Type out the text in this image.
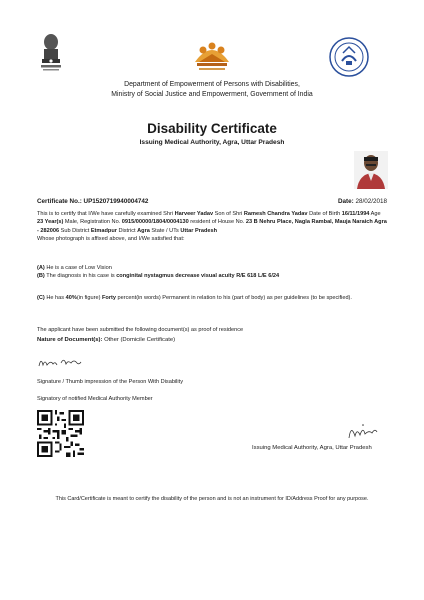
Department of Empowerment of Persons with Disabilities,
Ministry of Social Justice and Empowerment, Government of India
Disability Certificate
Issuing Medical Authority, Agra, Uttar Pradesh
Certificate No.: UP1520719940004742	Date: 28/02/2018
This is to certify that I/We have carefully examined Shri Harveer Yadav Son of Shri Ramesh Chandra Yadav Date of Birth 16/11/1994 Age 23 Year(s) Male, Registration No. 0915/00000/1804/0004130 resident of House No. 23 B Nehru Place, Nagla Rambal, Mauja Naraich Agra - 282006 Sub District Etmadpur District Agra State / UTs Uttar Pradesh
Whose photograph is affixed above, and I/We satisfied that:
(A) He is a case of Low Vision
(B) The diagnosis in his case is conginital nystagmus decrease visual acuity R/E 618 L/E 6/24
(C) He has 40%(in figure) Forty percent(in words) Permanent in relation to his (part of body) as per guidelines (to be specified).
The applicant have been submitted the following document(s) as proof of residence
Nature of Document(s): Other (Domicile Certificate)
Signature / Thumb impression of the Person With Disability
Signatory of notified Medical Authority Member
Issuing Medical Authority, Agra, Uttar Pradesh
This Card/Certificate is meant to certify the disability of the person and is not an instrument for ID/Address Proof for any purpose.
